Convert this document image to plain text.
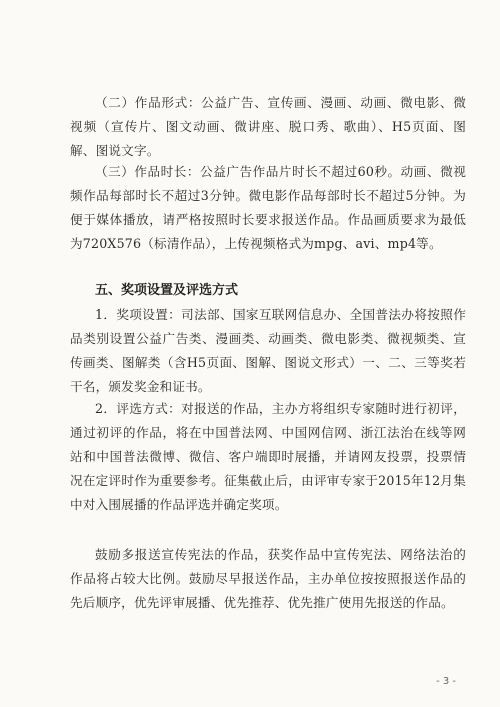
（二）作品形式：公益广告、宣传画、漫画、动画、微电影、微视频（宣传片、图文动画、微讲座、脱口秀、歌曲）、H5页面、图解、图说文字。

（三）作品时长：公益广告作品片时长不超过60秒。动画、微视频作品每部时长不超过3分钟。微电影作品每部时长不超过5分钟。为便于媒体播放，请严格按照时长要求报送作品。作品画质要求为最低为720X576（标清作品），上传视频格式为mpg、avi、mp4等。

五、奖项设置及评选方式

1．奖项设置：司法部、国家互联网信息办、全国普法办将按照作品类别设置公益广告类、漫画类、动画类、微电影类、微视频类、宣传画类、图解类（含H5页面、图解、图说文形式）一、二、三等奖若干名，颁发奖金和证书。

2．评选方式：对报送的作品，主办方将组织专家随时进行初评，通过初评的作品，将在中国普法网、中国网信网、浙江法治在线等网站和中国普法微博、微信、客户端即时展播，并请网友投票，投票情况在定评时作为重要参考。征集截止后，由评审专家于2015年12月集中对入围展播的作品评选并确定奖项。

鼓励多报送宣传宪法的作品，获奖作品中宣传宪法、网络法治的作品将占较大比例。鼓励尽早报送作品，主办单位按按照报送作品的先后顺序，优先评审展播、优先推荐、优先推广使用先报送的作品。

- 3 -
